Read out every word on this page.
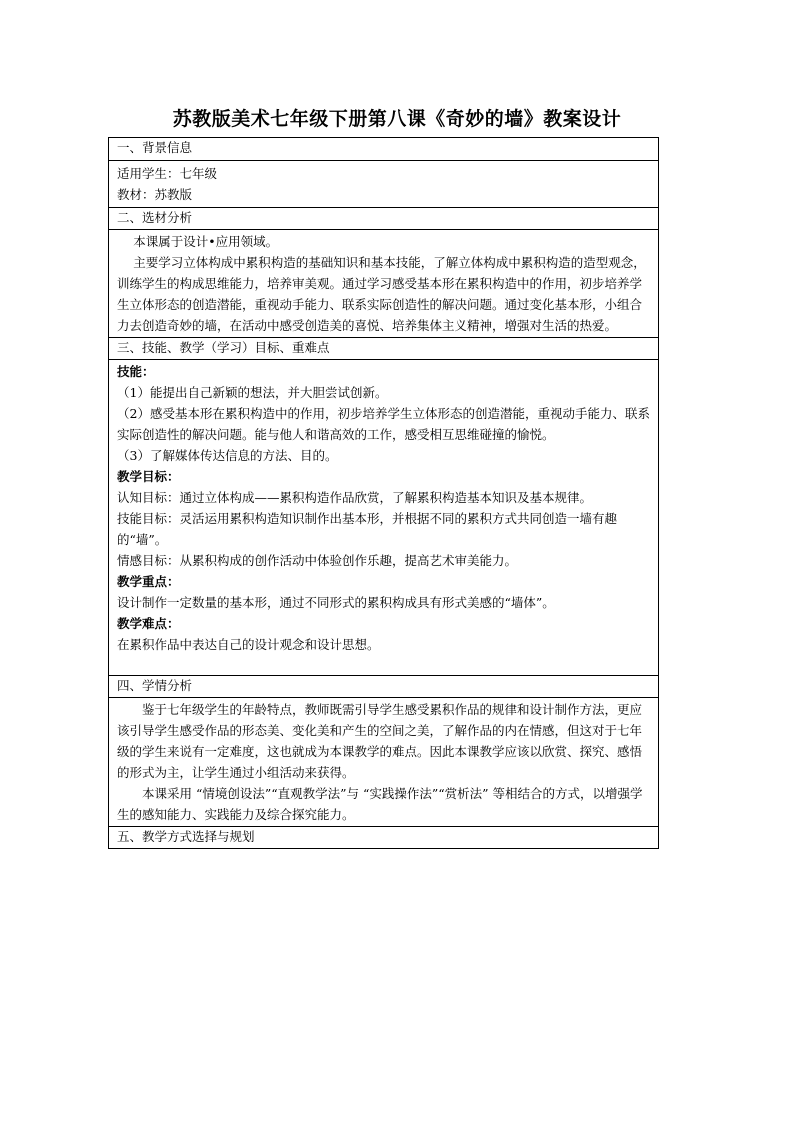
苏教版美术七年级下册第八课《奇妙的墙》教案设计
一、背景信息

适用学生：七年级

教材：苏教版

二、选材分析

本课属于设计•应用领域。

主要学习立体构成中累积构造的基础知识和基本技能，了解立体构成中累积构造的造型观念，训练学生的构成思维能力，培养审美观。通过学习感受基本形在累积构造中的作用，初步培养学生立体形态的创造潜能，重视动手能力、联系实际创造性的解决问题。通过变化基本形，小组合力去创造奇妙的墙，在活动中感受创造美的喜悦、培养集体主义精神，增强对生活的热爱。

三、技能、教学（学习）目标、重难点

技能：

（1）能提出自己新颖的想法，并大胆尝试创新。

（2）感受基本形在累积构造中的作用，初步培养学生立体形态的创造潜能，重视动手能力、联系实际创造性的解决问题。能与他人和谐高效的工作，感受相互思维碰撞的愉悦。

（3）了解媒体传达信息的方法、目的。

教学目标：

认知目标：通过立体构成——累积构造作品欣赏，了解累积构造基本知识及基本规律。

技能目标：灵活运用累积构造知识制作出基本形，并根据不同的累积方式共同创造一墙有趣的“墙”。

情感目标：从累积构成的创作活动中体验创作乐趣，提高艺术审美能力。

教学重点：

设计制作一定数量的基本形，通过不同形式的累积构成具有形式美感的“墙体”。

教学难点：

在累积作品中表达自己的设计观念和设计思想。

四、学情分析

鉴于七年级学生的年龄特点，教师既需引导学生感受累积作品的规律和设计制作方法，更应该引导学生感受作品的形态美、变化美和产生的空间之美，了解作品的内在情感，但这对于七年级的学生来说有一定难度，这也就成为本课教学的难点。因此本课教学应该以欣赏、探究、感悟的形式为主，让学生通过小组活动来获得。

本课采用 “情境创设法”“直观教学法”与 “实践操作法”“赏析法” 等相结合的方式，以增强学生的感知能力、实践能力及综合探究能力。

五、教学方式选择与规划
